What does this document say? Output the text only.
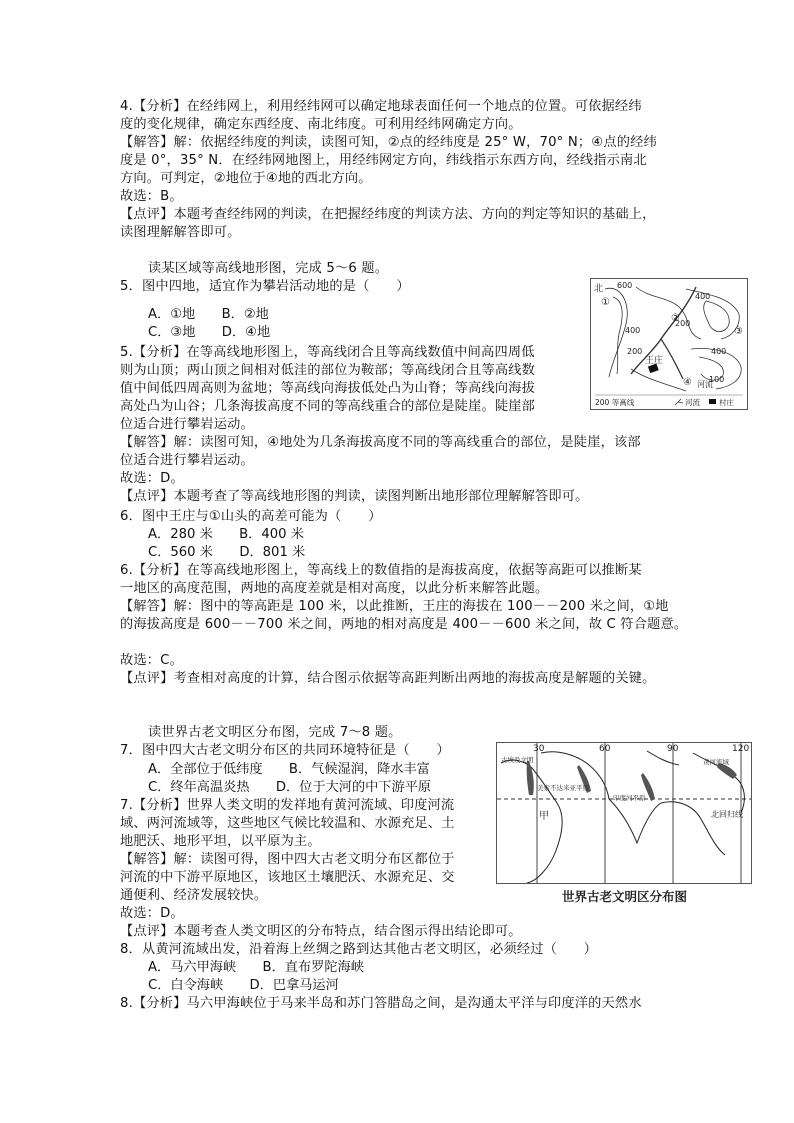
4.【分析】在经纬网上，利用经纬网可以确定地球表面任何一个地点的位置。可依据经纬
度的变化规律，确定东西经度、南北纬度。可利用经纬网确定方向。
【解答】解：依据经纬度的判读，读图可知，②点的经纬度是 25° W，70° N；④点的经纬
度是 0°，35° N．在经纬网地图上，用经纬网定方向，纬线指示东西方向，经线指示南北
方向。可判定，②地位于④地的西北方向。
故选：B。
【点评】本题考查经纬网的判读，在把握经纬度的判读方法、方向的判定等知识的基础上，
读图理解解答即可。
读某区域等高线地形图，完成 5～6 题。
5．图中四地，适宜作为攀岩活动地的是（　　）
A．①地　　B．②地
C．③地　　D．④地
5.【分析】在等高线地形图上，等高线闭合且等高线数值中间高四周低
则为山顶；两山顶之间相对低洼的部位为鞍部；等高线闭合且等高线数
值中间低四周高则为盆地；等高线向海拔低处凸为山脊；等高线向海拔
高处凸为山谷；几条海拔高度不同的等高线重合的部位是陡崖。陡崖部
位适合进行攀岩运动。
【解答】解：读图可知，④地处为几条海拔高度不同的等高线重合的部位，是陡崖，该部
位适合进行攀岩运动。
故选：D。
【点评】本题考查了等高线地形图的判读，读图判断出地形部位理解解答即可。
北 600
400
400
400
200
200
100
①
②
③
④
王庄
河流
200 等高线	河流	村庄
6．图中王庄与①山头的高差可能为（　　）
A．280 米　　B．400 米
C．560 米　　D．801 米
6.【分析】在等高线地形图上，等高线上的数值指的是海拔高度，依据等高距可以推断某
一地区的高度范围，两地的高度差就是相对高度，以此分析来解答此题。
【解答】解：图中的等高距是 100 米，以此推断，王庄的海拔在 100－－200 米之间，①地
的海拔高度是 600－－700 米之间，两地的相对高度是 400－－600 米之间，故 C 符合题意。
故选：C。
【点评】考查相对高度的计算，结合图示依据等高距判断出两地的海拔高度是解题的关键。
读世界古老文明区分布图，完成 7～8 题。
7．图中四大古老文明分布区的共同环境特征是（　　）
A．全部位于低纬度　　B．气候湿润，降水丰富
C．终年高温炎热　　D．位于大河的中下游平原
7.【分析】世界人类文明的发祥地有黄河流域、印度河流
域、两河流域等，这些地区气候比较温和、水源充足、土
地肥沃、地形平坦，以平原为主。
【解答】解：读图可得，图中四大古老文明分布区都位于
河流的中下游平原地区，该地区土壤肥沃、水源充足、交
通便利、经济发展较快。
故选：D。
【点评】本题考查人类文明区的分布特点，结合图示得出结论即可。
30	60	90	120
古埃及文明
美索不达米亚平原
印度河平原
黄河流域
北回归线
甲
世界古老文明区分布图
8．从黄河流域出发，沿着海上丝绸之路到达其他古老文明区，必须经过（　　）
A．马六甲海峡　　B．直布罗陀海峡
C．白令海峡　　D．巴拿马运河
8.【分析】马六甲海峡位于马来半岛和苏门答腊岛之间，是沟通太平洋与印度洋的天然水
